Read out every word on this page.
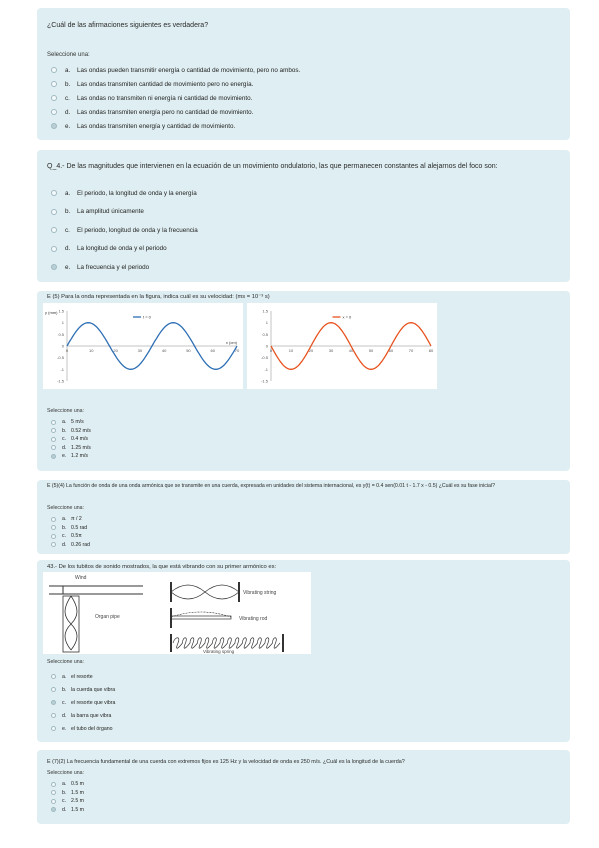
¿Cuál de las afirmaciones siguientes es verdadera?
Seleccione una:
a.	Las ondas pueden transmitir energía o cantidad de movimiento, pero no ambos.
b.	Las ondas transmiten cantidad de movimiento pero no energía.
c.	Las ondas no transmiten ni energía ni cantidad de movimiento.
d.	Las ondas transmiten energía pero no cantidad de movimiento.
e.	Las ondas transmiten energía y cantidad de movimiento.
Q_4.- De las magnitudes que intervienen en la ecuación de un movimiento ondulatorio, las que permanecen constantes al alejarnos del foco son:
a.	El periodo, la longitud de onda y la energía
b.	La amplitud únicamente
c.	El periodo, longitud de onda y la frecuencia
d.	La longitud de onda y el periodo
e.	La frecuencia y el periodo
E (5) Para la onda representada en la figura, indica cuál es su velocidad: (ms = 10⁻³ s)
1.5
1
0.5
0
-0.5
-1
-1.5
0	10	20	30	40	50	60	70
t = 0
y (mm)
x (cm)
1.5
1
0.5
0
-0.5
-1
-1.5
0	10	20	30	40	50	60	70	80
x = 0
Seleccione una:
a. 5 m/s
b. 0.52 m/s
c. 0.4 m/s
d. 1.25 m/s
e. 1.2 m/s
E (5)(4) La función de onda de una onda armónica que se transmite en una cuerda, expresada en unidades del sistema internacional, es y(t) = 0.4 sen(0.01 t - 1.7 x - 0.5) ¿Cuál es su fase inicial?
Seleccione una:
a. π / 2
b. 0.5 rad
c. 0.5π
d. 0.26 rad
43.- De los tubitos de sonido mostrados, la que está vibrando con su primer armónico es:
Wind
Organ pipe
Vibrating string
Vibrating rod
Vibrating spring
Seleccione una:
a. el resorte
b. la cuerda que vibra
c. el resorte que vibra
d. la barra que vibra
e. el tubo del órgano
E (7)(2) La frecuencia fundamental de una cuerda con extremos fijos es 125 Hz y la velocidad de onda es 250 m/s. ¿Cuál es la longitud de la cuerda?
Seleccione una:
a. 0.5 m
b. 1.5 m
c. 2.5 m
d. 1.5 m
